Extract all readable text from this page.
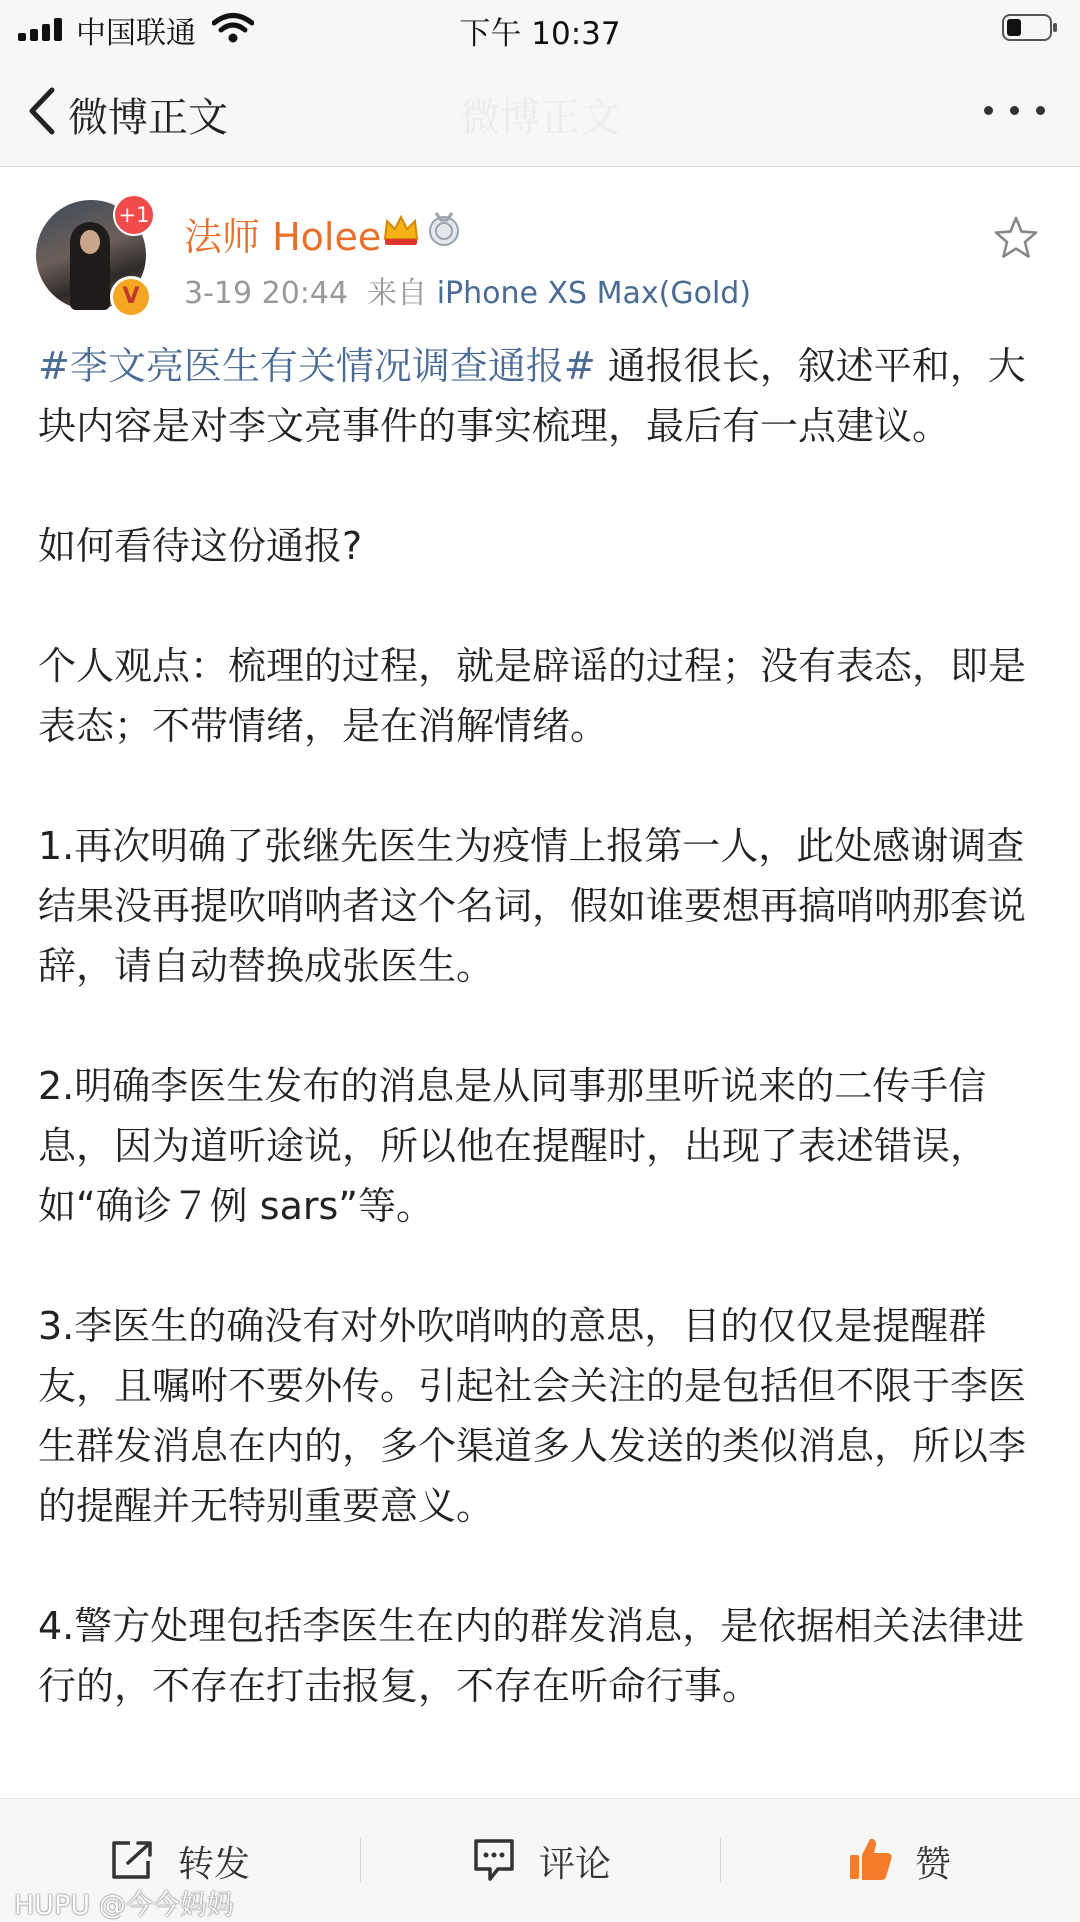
中国联通	下午 10:37
微博正文	微博正文
+1
V
法师 Holee
3-19 20:44 来自 iPhone XS Max(Gold)

#李文亮医生有关情况调查通报# 通报很长，叙述平和，大块内容是对李文亮事件的事实梳理，最后有一点建议。

如何看待这份通报?

个人观点：梳理的过程，就是辟谣的过程；没有表态，即是表态；不带情绪，是在消解情绪。

1.再次明确了张继先医生为疫情上报第一人，此处感谢调查结果没再提吹哨呐者这个名词，假如谁要想再搞哨呐那套说辞，请自动替换成张医生。

2.明确李医生发布的消息是从同事那里听说来的二传手信息，因为道听途说，所以他在提醒时，出现了表述错误，如“确诊７例 sars”等。

3.李医生的确没有对外吹哨呐的意思，目的仅仅是提醒群友，且嘱咐不要外传。引起社会关注的是包括但不限于李医生群发消息在内的，多个渠道多人发送的类似消息，所以李的提醒并无特别重要意义。

4.警方处理包括李医生在内的群发消息，是依据相关法律进行的，不存在打击报复，不存在听命行事。

转发	评论	赞
HUPU @今今妈妈
